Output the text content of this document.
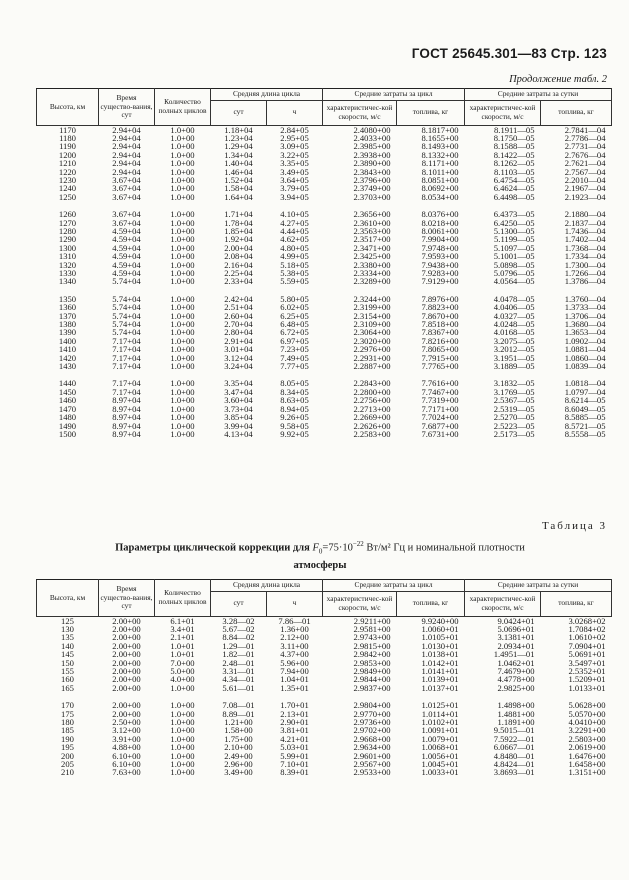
ГОСТ 25645.301—83 Стр. 123
Продолжение табл. 2
Высота, км	Время существо-вания, сут	Количество полных циклов	Средняя длина цикла		Средние затраты за цикл		Средние затраты за сутки	
			сут	ч	характеристичес-кой скорости, м/с	топлива, кг	характеристичес-кой скорости, м/с	топлива, кг
1170	2.94+04	1.0+00	1.18+04	2.84+05	2.4080+00	8.1817+00	8.1911—05	2.7841—04
1180	2.94+04	1.0+00	1.23+04	2.95+05	2.4033+00	8.1655+00	8.1750—05	2.7786—04
1190	2.94+04	1.0+00	1.29+04	3.09+05	2.3985+00	8.1493+00	8.1588—05	2.7731—04
1200	2.94+04	1.0+00	1.34+04	3.22+05	2.3938+00	8.1332+00	8.1422—05	2.7676—04
1210	2.94+04	1.0+00	1.40+04	3.35+05	2.3890+00	8.1171+00	8.1262—05	2.7621—04
1220	2.94+04	1.0+00	1.46+04	3.49+05	2.3843+00	8.1011+00	8.1103—05	2.7567—04
1230	3.67+04	1.0+00	1.52+04	3.64+05	2.3796+00	8.0851+00	6.4754—05	2.2010—04
1240	3.67+04	1.0+00	1.58+04	3.79+05	2.3749+00	8.0692+00	6.4624—05	2.1967—04
1250	3.67+04	1.0+00	1.64+04	3.94+05	2.3703+00	8.0534+00	6.4498—05	2.1923—04

1260	3.67+04	1.0+00	1.71+04	4.10+05	2.3656+00	8.0376+00	6.4373—05	2.1880—04
1270	3.67+04	1.0+00	1.78+04	4.27+05	2.3610+00	8.0218+00	6.4250—05	2.1837—04
1280	4.59+04	1.0+00	1.85+04	4.44+05	2.3563+00	8.0061+00	5.1300—05	1.7436—04
1290	4.59+04	1.0+00	1.92+04	4.62+05	2.3517+00	7.9904+00	5.1199—05	1.7402—04
1300	4.59+04	1.0+00	2.00+04	4.80+05	2.3471+00	7.9748+00	5.1097—05	1.7368—04
1310	4.59+04	1.0+00	2.08+04	4.99+05	2.3425+00	7.9593+00	5.1001—05	1.7334—04
1320	4.59+04	1.0+00	2.16+04	5.18+05	2.3380+00	7.9438+00	5.0898—05	1.7300—04
1330	4.59+04	1.0+00	2.25+04	5.38+05	2.3334+00	7.9283+00	5.0796—05	1.7266—04
1340	5.74+04	1.0+00	2.33+04	5.59+05	2.3289+00	7.9129+00	4.0564—05	1.3786—04

1350	5.74+04	1.0+00	2.42+04	5.80+05	2.3244+00	7.8976+00	4.0478—05	1.3760—04
1360	5.74+04	1.0+00	2.51+04	6.02+05	2.3199+00	7.8823+00	4.0406—05	1.3733—04
1370	5.74+04	1.0+00	2.60+04	6.25+05	2.3154+00	7.8670+00	4.0327—05	1.3706—04
1380	5.74+04	1.0+00	2.70+04	6.48+05	2.3109+00	7.8518+00	4.0248—05	1.3680—04
1390	5.74+04	1.0+00	2.80+04	6.72+05	2.3064+00	7.8367+00	4.0168—05	1.3653—04
1400	7.17+04	1.0+00	2.91+04	6.97+05	2.3020+00	7.8216+00	3.2075—05	1.0902—04
1410	7.17+04	1.0+00	3.01+04	7.23+05	2.2976+00	7.8065+00	3.2012—05	1.0881—04
1420	7.17+04	1.0+00	3.12+04	7.49+05	2.2931+00	7.7915+00	3.1951—05	1.0860—04
1430	7.17+04	1.0+00	3.24+04	7.77+05	2.2887+00	7.7765+00	3.1889—05	1.0839—04

1440	7.17+04	1.0+00	3.35+04	8.05+05	2.2843+00	7.7616+00	3.1832—05	1.0818—04
1450	7.17+04	1.0+00	3.47+04	8.34+05	2.2800+00	7.7467+00	3.1769—05	1.0797—04
1460	8.97+04	1.0+00	3.60+04	8.63+05	2.2756+00	7.7319+00	2.5367—05	8.6214—05
1470	8.97+04	1.0+00	3.73+04	8.94+05	2.2713+00	7.7171+00	2.5319—05	8.6049—05
1480	8.97+04	1.0+00	3.85+04	9.26+05	2.2669+00	7.7024+00	2.5270—05	8.5885—05
1490	8.97+04	1.0+00	3.99+04	9.58+05	2.2626+00	7.6877+00	2.5223—05	8.5721—05
1500	8.97+04	1.0+00	4.13+04	9.92+05	2.2583+00	7.6731+00	2.5173—05	8.5558—05
Таблица 3
Параметры циклической коррекции для $F_0=75\cdot 10^{-22}$ Вт/м² Гц и номинальной плотности
атмосферы
Высота, км	Время существо-вания, сут	Количество полных циклов	Средняя длина цикла		Средние затраты за цикл		Средние затраты за сутки	
			сут	ч	характеристичес-кой скорости, м/с	топлива, кг	характеристичес-кой скорости, м/с	топлива, кг
125	2.00+00	6.1+01	3.28—02	7.86—01	2.9211+00	9.9240+00	9.0424+01	3.0268+02
130	2.00+00	3.4+01	5.67—02	1.36+00	2.9581+00	1.0060+01	5.0696+01	1.7084+02
135	2.00+00	2.1+01	8.84—02	2.12+00	2.9743+00	1.0105+01	3.1381+01	1.0610+02
140	2.00+00	1.0+01	1.29—01	3.11+00	2.9815+00	1.0130+01	2.0934+01	7.0904+01
145	2.00+00	1.0+01	1.82—01	4.37+00	2.9842+00	1.0138+01	1.4951—01	5.0691+01
150	2.00+00	7.0+00	2.48—01	5.96+00	2.9853+00	1.0142+01	1.0462+01	3.5497+01
155	2.00+00	5.0+00	3.31—01	7.94+00	2.9849+00	1.0141+01	7.4679+00	2.5352+01
160	2.00+00	4.0+00	4.34—01	1.04+01	2.9844+00	1.0139+01	4.4778+00	1.5209+01
165	2.00+00	1.0+00	5.61—01	1.35+01	2.9837+00	1.0137+01	2.9825+00	1.0133+01

170	2.00+00	1.0+00	7.08—01	1.70+01	2.9804+00	1.0125+01	1.4898+00	5.0628+00
175	2.00+00	1.0+00	8.89—01	2.13+01	2.9770+00	1.0114+01	1.4881+00	5.0570+00
180	2.50+00	1.0+00	1.21+00	2.90+01	2.9736+00	1.0102+01	1.1891+00	4.0410+00
185	3.12+00	1.0+00	1.58+00	3.81+01	2.9702+00	1.0091+01	9.5015—01	3.2291+00
190	3.91+00	1.0+00	1.75+00	4.21+01	2.9668+00	1.0079+01	7.5922—01	2.5803+00
195	4.88+00	1.0+00	2.10+00	5.03+01	2.9634+00	1.0068+01	6.0667—01	2.0619+00
200	6.10+00	1.0+00	2.49+00	5.99+01	2.9601+00	1.0056+01	4.8480—01	1.6476+00
205	6.10+00	1.0+00	2.96+00	7.10+01	2.9567+00	1.0045+01	4.8424—01	1.6458+00
210	7.63+00	1.0+00	3.49+00	8.39+01	2.9533+00	1.0033+01	3.8693—01	1.3151+00
